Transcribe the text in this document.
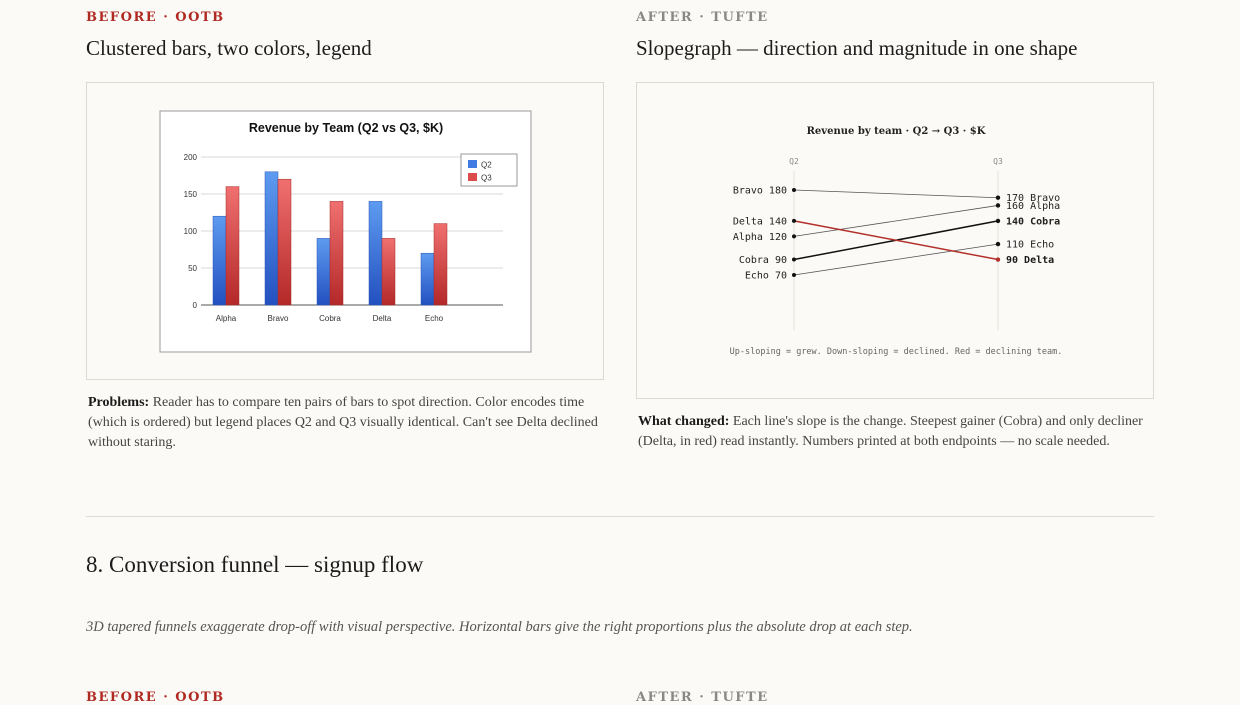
BEFORE · OOTB
Clustered bars, two colors, legend
Revenue by Team (Q2 vs Q3, $K)
0
50
100
150
200
Alpha	Bravo	Cobra	Delta	Echo
Q2
Q3
Problems: Reader has to compare ten pairs of bars to spot direction. Color encodes time (which is ordered) but legend places Q2 and Q3 visually identical. Can't see Delta declined without staring.
AFTER · TUFTE
Slopegraph — direction and magnitude in one shape
Revenue by team · Q2 → Q3 · $K
Q2	Q3
Bravo 180
170 Bravo
Alpha 120
160 Alpha
Cobra 90
140 Cobra
Echo 70
110 Echo
Delta 140
90 Delta
Up-sloping = grew. Down-sloping = declined. Red = declining team.
What changed: Each line's slope is the change. Steepest gainer (Cobra) and only decliner (Delta, in red) read instantly. Numbers printed at both endpoints — no scale needed.
8. Conversion funnel — signup flow
3D tapered funnels exaggerate drop-off with visual perspective. Horizontal bars give the right proportions plus the absolute drop at each step.
BEFORE · OOTB	AFTER · TUFTE
